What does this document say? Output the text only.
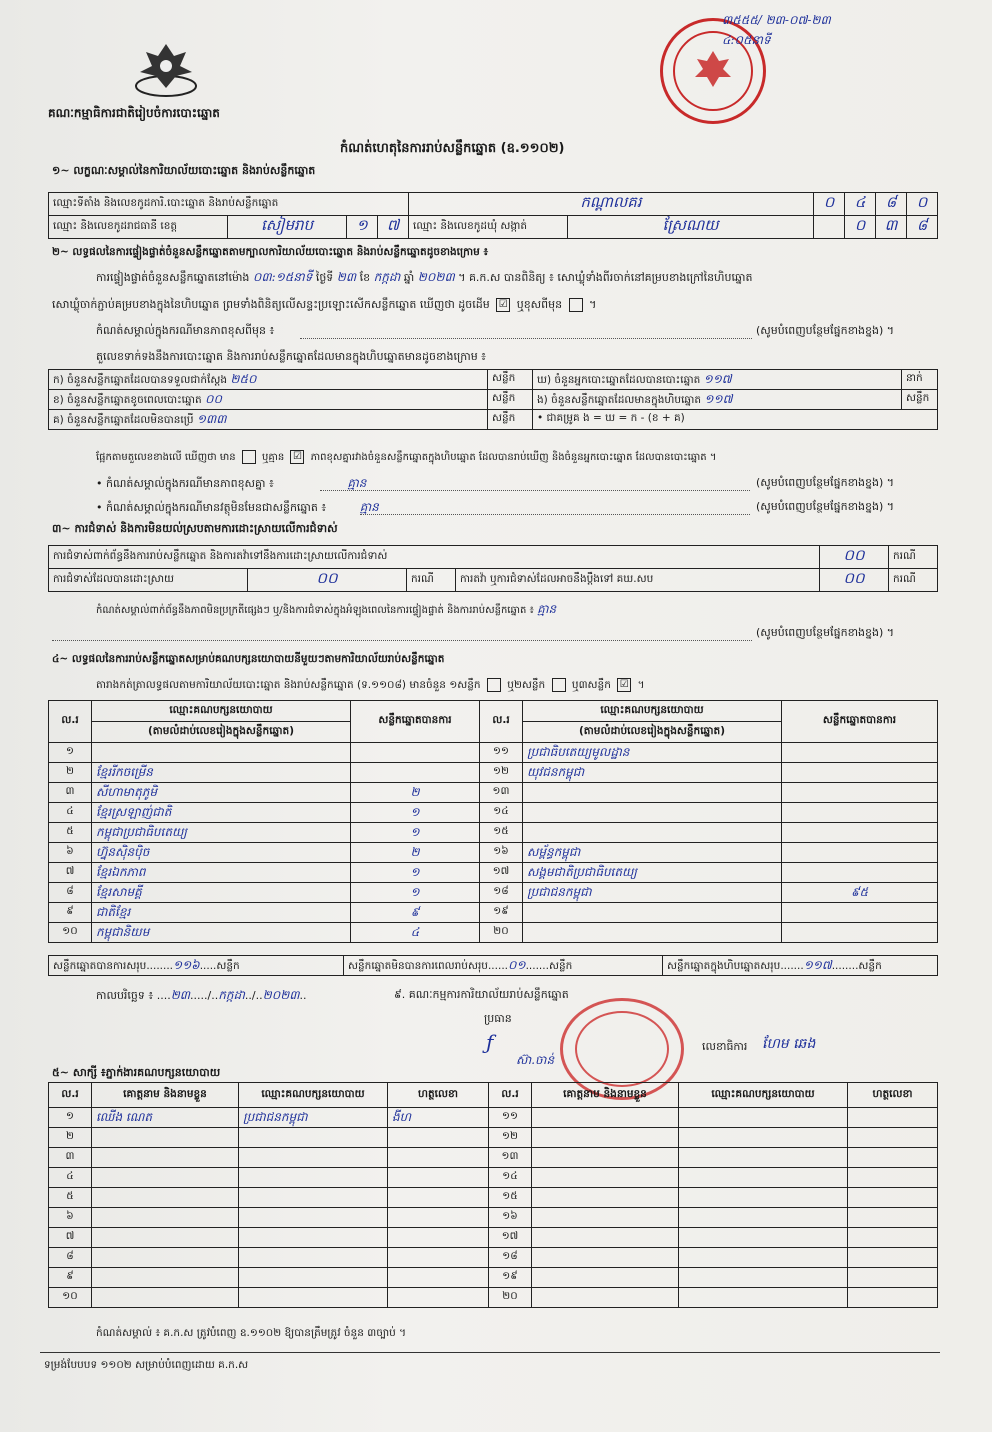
គណៈកម្មាធិការជាតិរៀបចំការបោះឆ្នោត
៣៥៥៥/ ២៣-០៧-២៣ ៤:០៥នាទី
កំណត់ហេតុនៃការរាប់សន្លឹកឆ្នោត (ឧ.១១០២)
១~ លក្ខណៈសម្គាល់នៃការិយាល័យបោះឆ្នោត និងរាប់សន្លឹកឆ្នោត
ឈ្មោះទីតាំង និងលេខកូដការិ.បោះឆ្នោត និងរាប់សន្លឹកឆ្នោត				កណ្តាលគរ		០	៤	៨	០
ឈ្មោះ និងលេខកូដរាជធានី ខេត្ត	សៀមរាប	១	៧	ឈ្មោះ និងលេខកូដឃុំ សង្កាត់	ស្រែណយ		០	៣	៨
២~ លទ្ធផលនៃការផ្ទៀងផ្ទាត់ចំនួនសន្លឹកឆ្នោតតាមក្បាលការិយាល័យបោះឆ្នោត និងរាប់សន្លឹកឆ្នោតដូចខាងក្រោម ៖
ការផ្ទៀងផ្ទាត់ចំនួនសន្លឹកឆ្នោតនៅម៉ោង ០៣:១៥នាទី ថ្ងៃទី ២៣ ខែ កក្កដា ឆ្នាំ ២០២៣ ។ គ.ក.ស បានពិនិត្យ ៖ សោឃ្លុំទាំងពីរចាក់នៅគម្របខាងក្រៅនៃហិបឆ្នោត
សោឃ្លុំចាក់ភ្ជាប់គម្របខាងក្នុងនៃហិបឆ្នោត ព្រមទាំងពិនិត្យលើសន្ទះប្រឡោះសើកសន្លឹកឆ្នោត ឃើញថា ដូចដើម ☑ ឬខុសពីមុន  ។
កំណត់សម្គាល់ក្នុងករណីមានភាពខុសពីមុន ៖	(សូមបំពេញបន្ថែមផ្នែកខាងខ្នង) ។
តួលេខទាក់ទងនឹងការបោះឆ្នោត និងការរាប់សន្លឹកឆ្នោតដែលមានក្នុងហិបឆ្នោតមានដូចខាងក្រោម ៖
ក) ចំនួនសន្លឹកឆ្នោតដែលបានទទួលជាក់ស្តែង ២៥០	សន្លឹក	ឃ) ចំនួនអ្នកបោះឆ្នោតដែលបានបោះឆ្នោត ១១៧	នាក់
ខ) ចំនួនសន្លឹកឆ្នោតខូចពេលបោះឆ្នោត ០០	សន្លឹក	ង) ចំនួនសន្លឹកឆ្នោតដែលមានក្នុងហិបឆ្នោត ១១៧	សន្លឹក
គ) ចំនួនសន្លឹកឆ្នោតដែលមិនបានប្រើ ១៣៣	សន្លឹក	• ជាគម្រូគ ង = ឃ = ក - (ខ + គ)	
ផ្អែកតាមតួលេខខាងលើ ឃើញថា មាន	ឬគ្មាន ☑ ភាពខុសគ្នារវាងចំនួនសន្លឹកឆ្នោតក្នុងហិបឆ្នោត ដែលបានរាប់ឃើញ និងចំនួនអ្នកបោះឆ្នោត ដែលបានបោះឆ្នោត ។
• កំណត់សម្គាល់ក្នុងករណីមានភាពខុសគ្នា ៖	គ្មាន	(សូមបំពេញបន្ថែមផ្នែកខាងខ្នង) ។
• កំណត់សម្គាល់ក្នុងករណីមានវត្ថុមិនមែនជាសន្លឹកឆ្នោត ៖	គ្មាន	(សូមបំពេញបន្ថែមផ្នែកខាងខ្នង) ។
៣~ ការជំទាស់ និងការមិនយល់ស្របតាមការដោះស្រាយលើការជំទាស់
ការជំទាស់ពាក់ព័ន្ធនឹងការរាប់សន្លឹកឆ្នោត និងការតវ៉ាទៅនឹងការដោះស្រាយលើការជំទាស់				០០	ករណី
ការជំទាស់ដែលបានដោះស្រាយ	០០	ករណី	ការតវ៉ា ឬការជំទាស់ដែលអាចនឹងប្តឹងទៅ គឃ.សប	០០	ករណី
កំណត់សម្គាល់ពាក់ព័ន្ធនឹងភាពមិនប្រក្រតីផ្សេងៗ ឬ/និងការជំទាស់ក្នុងអំឡុងពេលនៃការផ្ទៀងផ្ទាត់ និងការរាប់សន្លឹកឆ្នោត ៖ គ្មាន
(សូមបំពេញបន្ថែមផ្នែកខាងខ្នង) ។
៤~ លទ្ធផលនៃការរាប់សន្លឹកឆ្នោតសម្រាប់គណបក្សនយោបាយនីមួយៗតាមការិយាល័យរាប់សន្លឹកឆ្នោត
តារាងកត់ត្រាលទ្ធផលតាមការិយាល័យបោះឆ្នោត និងរាប់សន្លឹកឆ្នោត (ទ.១១០៨) មានចំនួន ១សន្លឹក	ឬ២សន្លឹក	ឬ៣សន្លឹក ☑ ។
ល.រ	ឈ្មោះគណបក្សនយោបាយ	សន្លឹកឆ្នោតបានការ	ល.រ	ឈ្មោះគណបក្សនយោបាយ	សន្លឹកឆ្នោតបានការ
	(តាមលំដាប់លេខរៀងក្នុងសន្លឹកឆ្នោត)			(តាមលំដាប់លេខរៀងក្នុងសន្លឹកឆ្នោត)	
១			១១	ប្រជាធិបតេយ្យមូលដ្ឋាន	
២	ខ្មែររីកចម្រើន		១២	យុវជនកម្ពុជា	
៣	សីហាមាតុភូមិ	២	១៣		
៤	ខ្មែរស្រឡាញ់ជាតិ	១	១៤		
៥	កម្ពុជាប្រជាធិបតេយ្យ	១	១៥		
៦	ហ្វ៊ុនស៊ិនប៉ិច	២	១៦	សម្ព័ន្ធកម្ពុជា	
៧	ខ្មែរឯកភាព	១	១៧	សង្គមជាតិប្រជាធិបតេយ្យ	
៨	ខ្មែរសាមគ្គី	១	១៨	ប្រជាជនកម្ពុជា	៩៥
៩	ជាតិខ្មែរ	៩	១៩		
១០	កម្ពុជានិយម	៤	២០		
សន្លឹកឆ្នោតបានការសរុប........១១៦.....សន្លឹក	សន្លឹកឆ្នោតមិនបានការពេលរាប់សរុប......០១.......សន្លឹក	សន្លឹកឆ្នោតក្នុងហិបឆ្នោតសរុប.......១១៧........សន្លឹក
កាលបរិច្ឆេទ ៖ ....២៣...../..កក្កដា../..២០២៣..	៩. គណៈកម្មការការិយាល័យរាប់សន្លឹកឆ្នោត
ប្រធាន
ƒ
ស៊ា.ចាន់
លេខាធិការ ហែម ឆេង
៥~ សាក្សី ៖ភ្នាក់ងារគណបក្សនយោបាយ
ល.រ	គោត្តនាម និងនាមខ្លួន	ឈ្មោះគណបក្សនយោបាយ	ហត្ថលេខា	ល.រ	គោត្តនាម និងនាមខ្លួន	ឈ្មោះគណបក្សនយោបាយ	ហត្ថលេខា
១	ឈើង ណេត	ប្រជាជនកម្ពុជា	ងីហ	១១			
២				១២			
៣				១៣			
៤				១៤			
៥				១៥			
៦				១៦			
៧				១៧			
៨				១៨			
៩				១៩			
១០				២០			
កំណត់សម្គាល់ ៖ គ.ក.ស ត្រូវបំពេញ ឧ.១១០២ ឱ្យបានត្រឹមត្រូវ ចំនួន ៣ច្បាប់ ។
ទម្រង់បែបបទ ១១០២ សម្រាប់បំពេញដោយ គ.ក.ស
